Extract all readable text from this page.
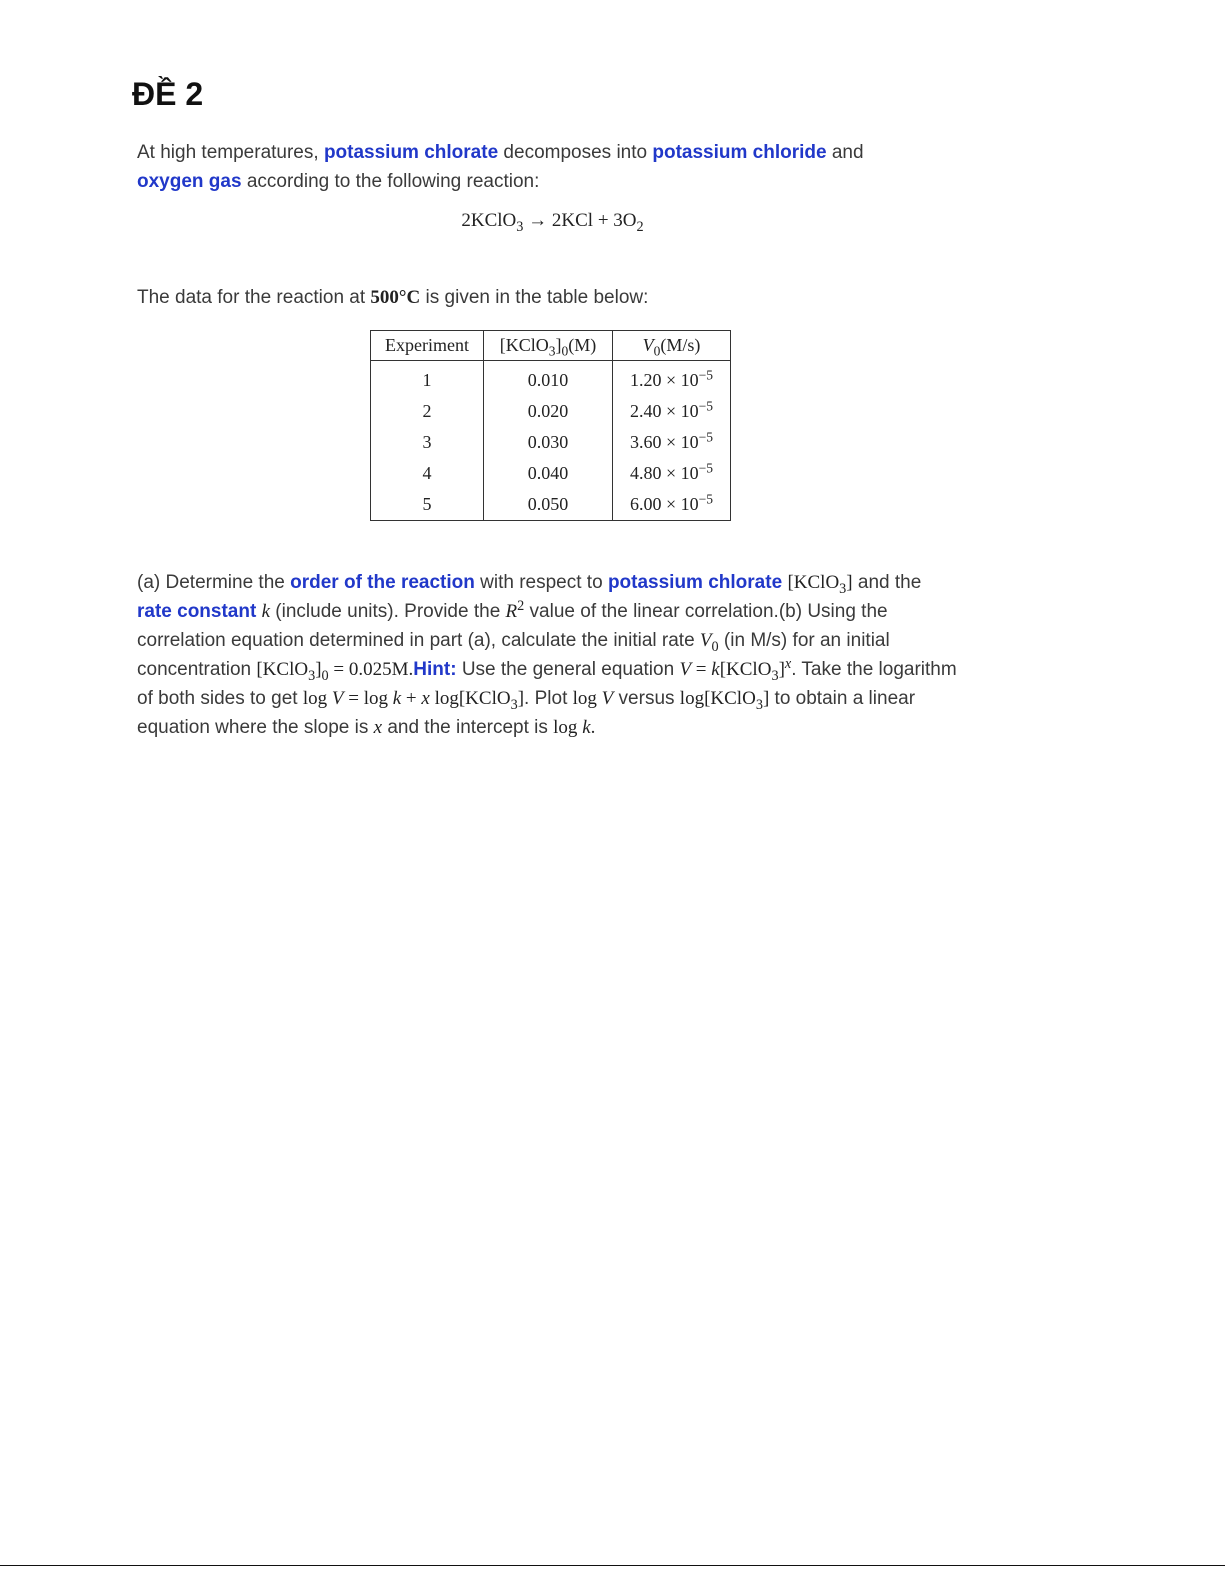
ĐỀ 2
At high temperatures, potassium chlorate decomposes into potassium chloride and
oxygen gas according to the following reaction:
2KClO$_3$ → $2KCl + 3O_2$
The data for the reaction at 500°C is given in the table below:
Experiment	$[KClO_3]_0(M)$	$V_0(M/s)$
1	0.010	$1.20 \times 10^{-5}$
2	0.020	$2.40 \times 10^{-5}$
3	0.030	$3.60 \times 10^{-5}$
4	0.040	$4.80 \times 10^{-5}$
5	0.050	$6.00 \times 10^{-5}$
(a) Determine the order of the reaction with respect to potassium chlorate [KClO$_3$] and the
rate constant k (include units). Provide the $R^2$ value of the linear correlation.(b) Using the correlation equation determined in part (a), calculate the initial rate $V_0$ (in M/s) for an initial concentration $[KClO_3]_0$ = 0.025M.Hint: Use the general equation V = k[KClO$_3$]$^x$. Take the logarithm of both sides to get log V = log k + x log[KClO$_3$]. Plot log V versus log[KClO$_3$] to obtain a linear equation where the slope is x and the intercept is log k.
